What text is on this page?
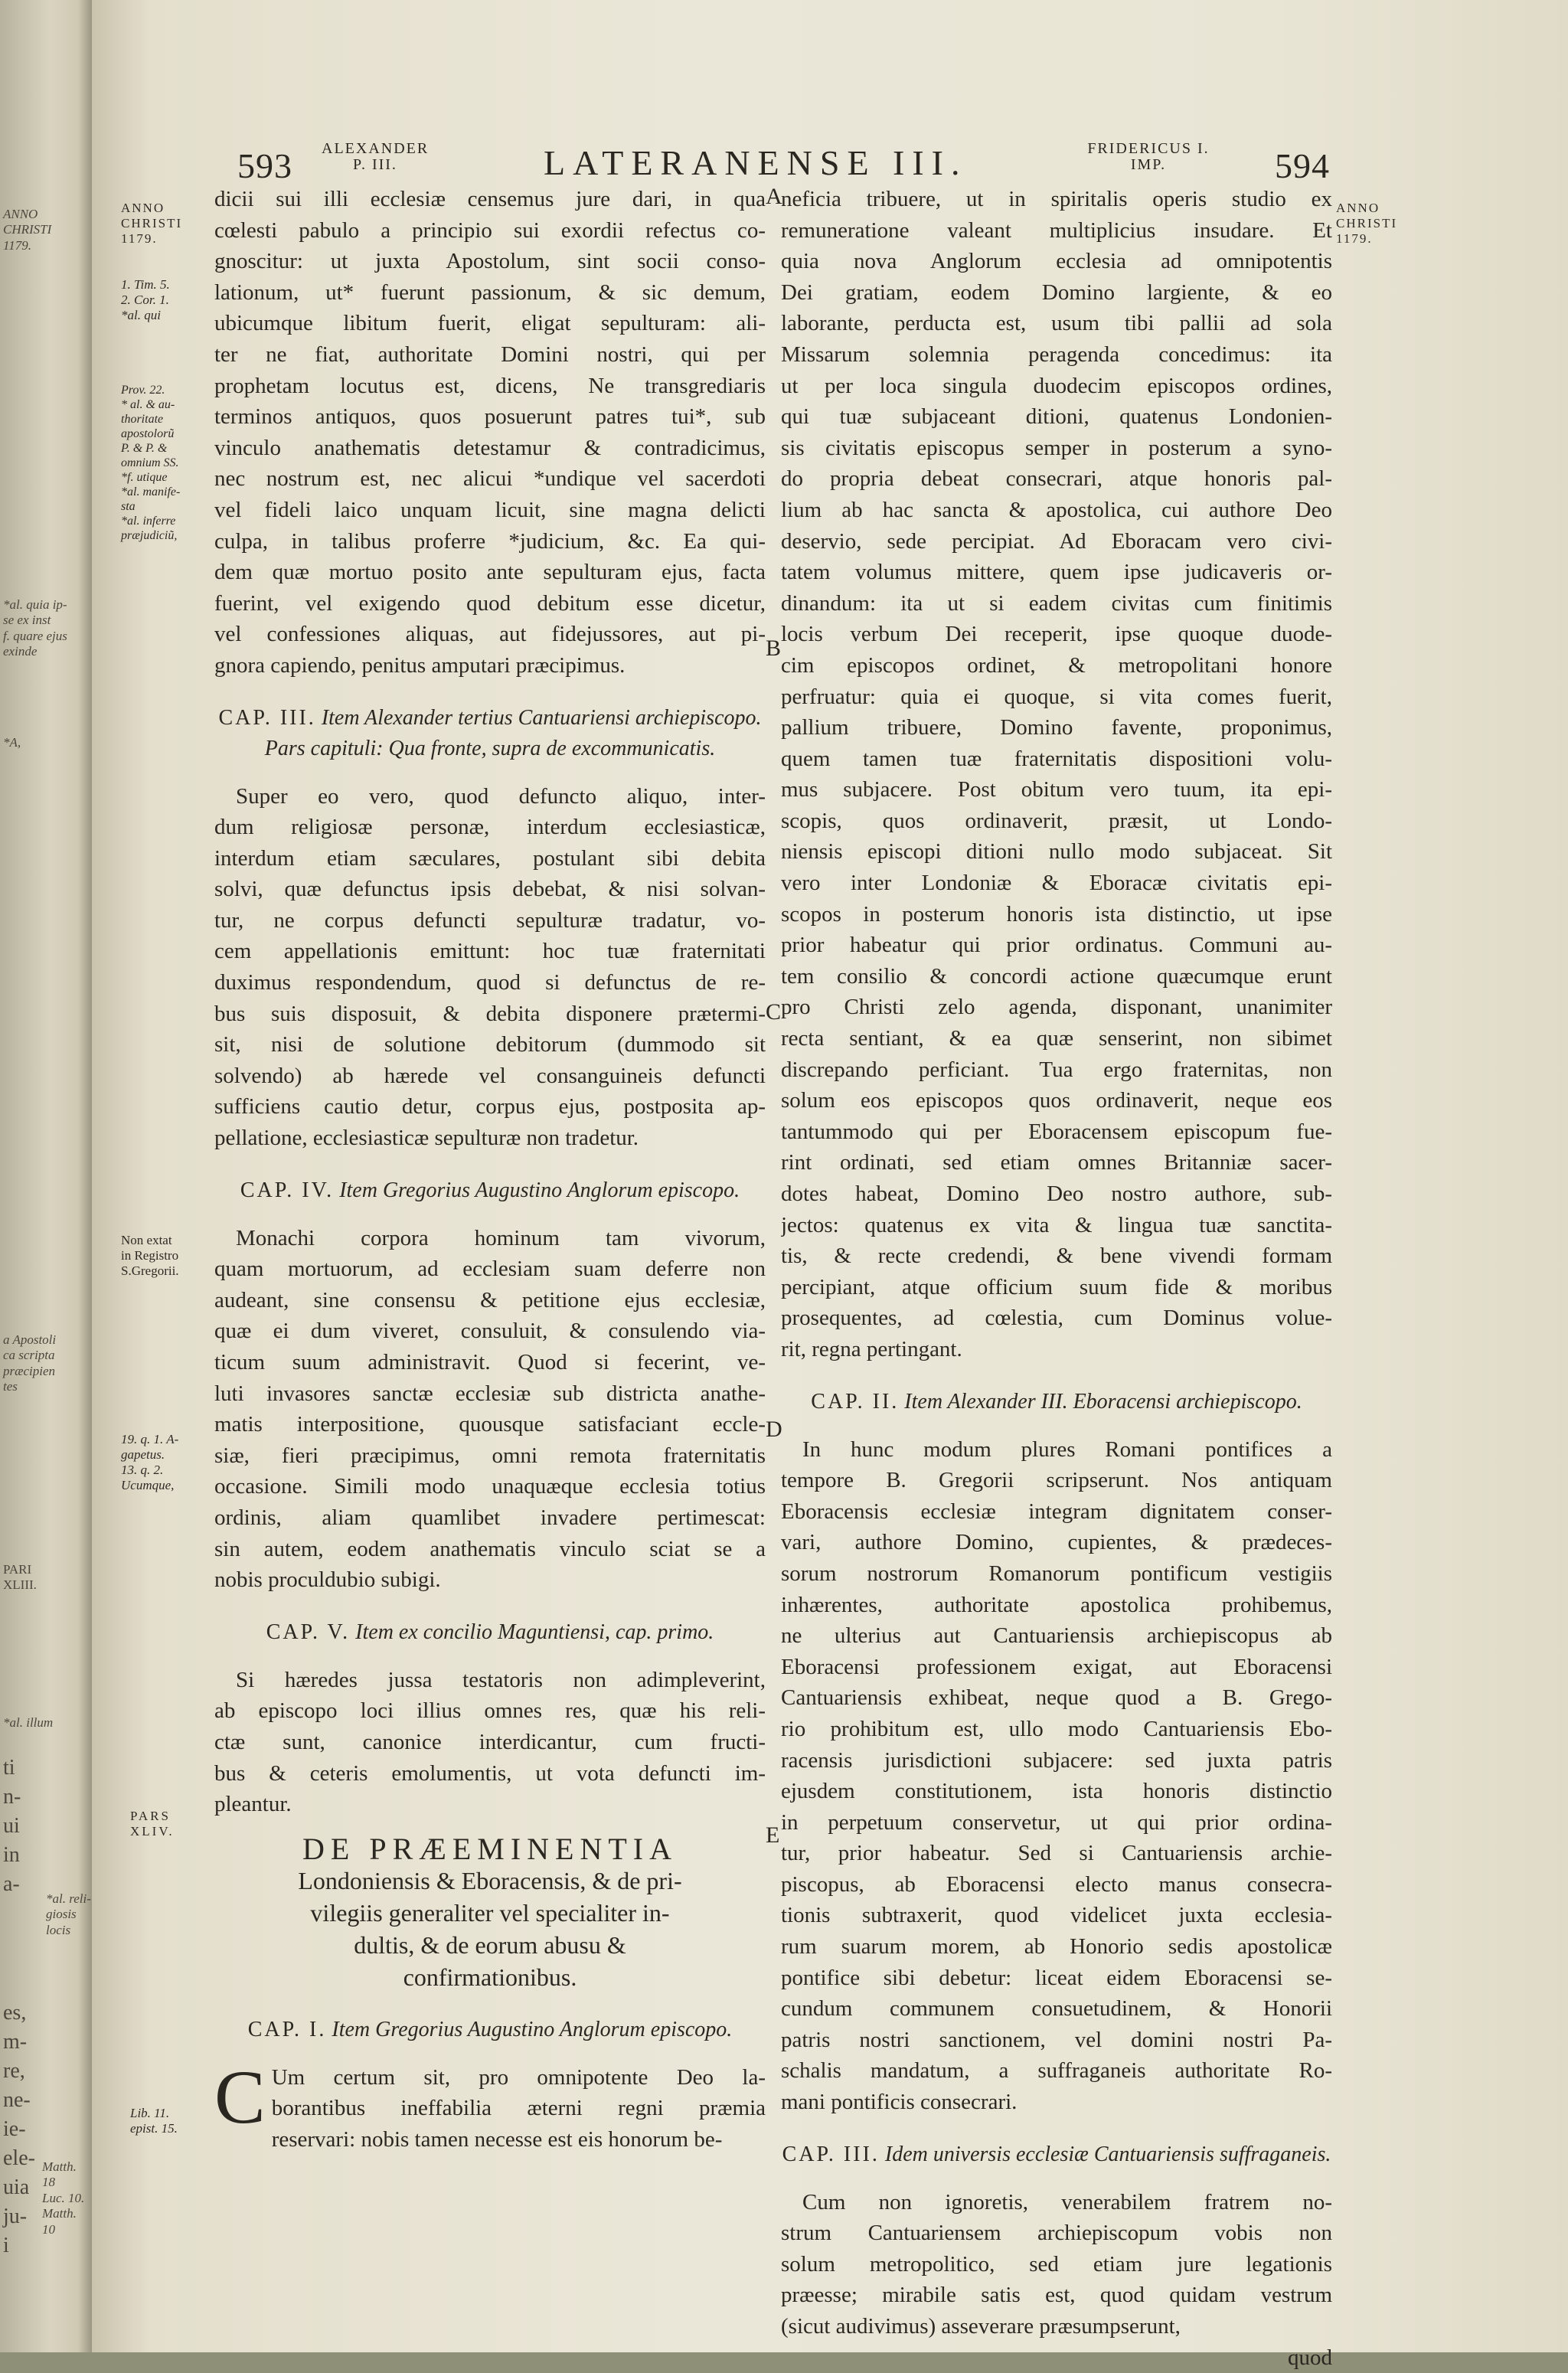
ANNO
CHRISTI
1179.
*al. quia ip-
se ex inst
f. quare ejus
exinde
*A,
a Apostoli
ca scripta
præcipien
tes
PARI
XLIII.
*al. illum
ti
n-
ui
in
a-
*al. reli-
giosis locis
es,
m-
re,
ne-
ie-
ele-
uia
ju-
i
Matth. 18
Luc. 10.
Matth. 10
593 ALEXANDER
P. III.	LATERANENSE III.	FRIDERICUS I.
IMP.	594
ANNO
CHRISTI
1179.
1. Tim. 5.
2. Cor. 1.
*al. qui
Prov. 22.
* al. & au-
thoritate
apostolorũ
P. & P. &
omnium SS.
*f. utique
*al. manife-
sta
*al. inferre
præjudiciũ,
Non extat
in Registro
S.Gregorii.
19. q. 1. A-
gapetus.
13. q. 2.
Ucumque,
PARS
XLIV.
Lib. 11.
epist. 15.
ANNO
CHRISTI
1179.
A
B
C
D
E
dicii sui illi ecclesiæ censemus jure dari, in qua
cœlesti pabulo a principio sui exordii refectus co-
gnoscitur: ut juxta Apostolum, sint socii conso-
lationum, ut* fuerunt passionum, & sic demum,
ubicumque libitum fuerit, eligat sepulturam: ali-
ter ne fiat, authoritate Domini nostri, qui per
prophetam locutus est, dicens, Ne transgrediaris
terminos antiquos, quos posuerunt patres tui*, sub
vinculo anathematis detestamur & contradicimus,
nec nostrum est, nec alicui *undique vel sacerdoti
vel fideli laico unquam licuit, sine magna delicti
culpa, in talibus proferre *judicium, &c. Ea qui-
dem quæ mortuo posito ante sepulturam ejus, facta
fuerint, vel exigendo quod debitum esse dicetur,
vel confessiones aliquas, aut fidejussores, aut pi-
gnora capiendo, penitus amputari præcipimus.
CAP. III. Item Alexander tertius Cantuariensi archiepiscopo. Pars capituli: Qua fronte, supra de excommunicatis.
Super eo vero, quod defuncto aliquo, inter-
dum religiosæ personæ, interdum ecclesiasticæ,
interdum etiam sæculares, postulant sibi debita
solvi, quæ defunctus ipsis debebat, & nisi solvan-
tur, ne corpus defuncti sepulturæ tradatur, vo-
cem appellationis emittunt: hoc tuæ fraternitati
duximus respondendum, quod si defunctus de re-
bus suis disposuit, & debita disponere prætermi-
sit, nisi de solutione debitorum (dummodo sit
solvendo) ab hærede vel consanguineis defuncti
sufficiens cautio detur, corpus ejus, postposita ap-
pellatione, ecclesiasticæ sepulturæ non tradetur.
CAP. IV. Item Gregorius Augustino Anglorum episcopo.
Monachi corpora hominum tam vivorum,
quam mortuorum, ad ecclesiam suam deferre non
audeant, sine consensu & petitione ejus ecclesiæ,
quæ ei dum viveret, consuluit, & consulendo via-
ticum suum administravit. Quod si fecerint, ve-
luti invasores sanctæ ecclesiæ sub districta anathe-
matis interpositione, quousque satisfaciant eccle-
siæ, fieri præcipimus, omni remota fraternitatis
occasione. Simili modo unaquæque ecclesia totius
ordinis, aliam quamlibet invadere pertimescat:
sin autem, eodem anathematis vinculo sciat se a
nobis proculdubio subigi.
CAP. V. Item ex concilio Maguntiensi, cap. primo.
Si hæredes jussa testatoris non adimpleverint,
ab episcopo loci illius omnes res, quæ his reli-
ctæ sunt, canonice interdicantur, cum fructi-
bus & ceteris emolumentis, ut vota defuncti im-
pleantur.
DE PRÆEMINENTIA
Londoniensis & Eboracensis, & de pri-
vilegiis generaliter vel specialiter in-
dultis, & de eorum abusu &
confirmationibus.
CAP. I. Item Gregorius Augustino Anglorum episcopo.
C Um certum sit, pro omnipotente Deo la-
borantibus ineffabilia æterni regni præmia
reservari: nobis tamen necesse est eis honorum be-
neficia tribuere, ut in spiritalis operis studio ex
remuneratione valeant multiplicius insudare. Et
quia nova Anglorum ecclesia ad omnipotentis
Dei gratiam, eodem Domino largiente, & eo
laborante, perducta est, usum tibi pallii ad sola
Missarum solemnia peragenda concedimus: ita
ut per loca singula duodecim episcopos ordines,
qui tuæ subjaceant ditioni, quatenus Londonien-
sis civitatis episcopus semper in posterum a syno-
do propria debeat consecrari, atque honoris pal-
lium ab hac sancta & apostolica, cui authore Deo
deservio, sede percipiat. Ad Eboracam vero civi-
tatem volumus mittere, quem ipse judicaveris or-
dinandum: ita ut si eadem civitas cum finitimis
locis verbum Dei receperit, ipse quoque duode-
cim episcopos ordinet, & metropolitani honore
perfruatur: quia ei quoque, si vita comes fuerit,
pallium tribuere, Domino favente, proponimus,
quem tamen tuæ fraternitatis dispositioni volu-
mus subjacere. Post obitum vero tuum, ita epi-
scopis, quos ordinaverit, præsit, ut Londo-
niensis episcopi ditioni nullo modo subjaceat. Sit
vero inter Londoniæ & Eboracæ civitatis epi-
scopos in posterum honoris ista distinctio, ut ipse
prior habeatur qui prior ordinatus. Communi au-
tem consilio & concordi actione quæcumque erunt
pro Christi zelo agenda, disponant, unanimiter
recta sentiant, & ea quæ senserint, non sibimet
discrepando perficiant. Tua ergo fraternitas, non
solum eos episcopos quos ordinaverit, neque eos
tantummodo qui per Eboracensem episcopum fue-
rint ordinati, sed etiam omnes Britanniæ sacer-
dotes habeat, Domino Deo nostro authore, sub-
jectos: quatenus ex vita & lingua tuæ sanctita-
tis, & recte credendi, & bene vivendi formam
percipiant, atque officium suum fide & moribus
prosequentes, ad cœlestia, cum Dominus volue-
rit, regna pertingant.
CAP. II. Item Alexander III. Eboracensi archiepiscopo.
In hunc modum plures Romani pontifices a
tempore B. Gregorii scripserunt. Nos antiquam
Eboracensis ecclesiæ integram dignitatem conser-
vari, authore Domino, cupientes, & prædeces-
sorum nostrorum Romanorum pontificum vestigiis
inhærentes, authoritate apostolica prohibemus,
ne ulterius aut Cantuariensis archiepiscopus ab
Eboracensi professionem exigat, aut Eboracensi
Cantuariensis exhibeat, neque quod a B. Grego-
rio prohibitum est, ullo modo Cantuariensis Ebo-
racensis jurisdictioni subjacere: sed juxta patris
ejusdem constitutionem, ista honoris distinctio
in perpetuum conservetur, ut qui prior ordina-
tur, prior habeatur. Sed si Cantuariensis archie-
piscopus, ab Eboracensi electo manus consecra-
tionis subtraxerit, quod videlicet juxta ecclesia-
rum suarum morem, ab Honorio sedis apostolicæ
pontifice sibi debetur: liceat eidem Eboracensi se-
cundum communem consuetudinem, & Honorii
patris nostri sanctionem, vel domini nostri Pa-
schalis mandatum, a suffraganeis authoritate Ro-
mani pontificis consecrari.
CAP. III. Idem universis ecclesiæ Cantuariensis suffraganeis.
Cum non ignoretis, venerabilem fratrem no-
strum Cantuariensem archiepiscopum vobis non
solum metropolitico, sed etiam jure legationis
præesse; mirabile satis est, quod quidam vestrum
(sicut audivimus) asseverare præsumpserunt,
quod
